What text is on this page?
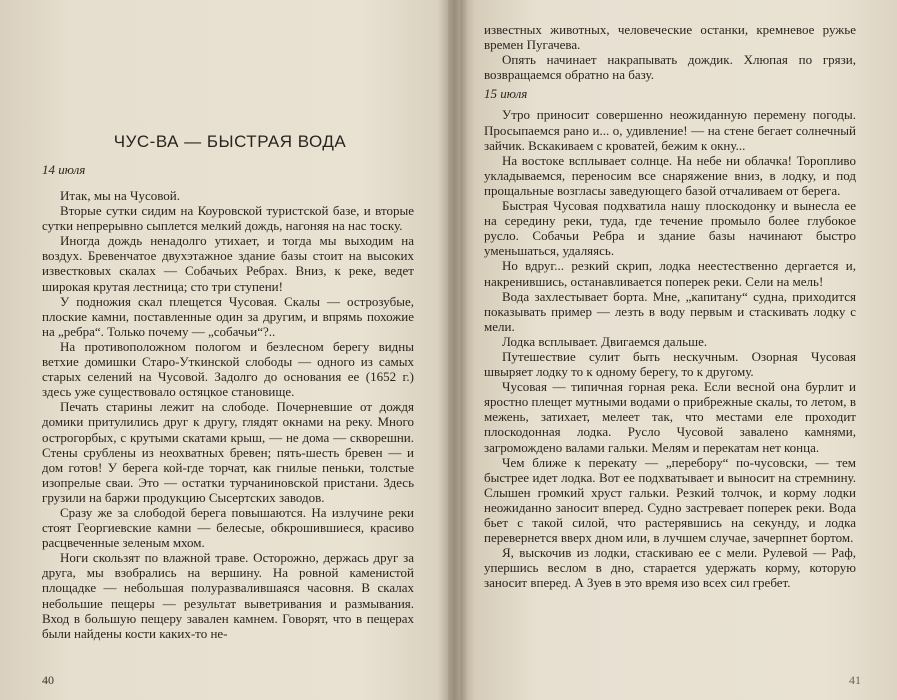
ЧУС-ВА — БЫСТРАЯ ВОДА
14 июля

Итак, мы на Чусовой.

Вторые сутки сидим на Коуровской туристской базе, и вторые сутки непрерывно сыплется мелкий дождь, нагоняя на нас тоску.

Иногда дождь ненадолго утихает, и тогда мы выходим на воздух. Бревенчатое двухэтажное здание базы стоит на высоких известковых скалах — Собачьих Ребрах. Вниз, к реке, ведет широкая крутая лестница; сто три ступени!

У подножия скал плещется Чусовая. Скалы — острозубые, плоские камни, поставленные один за другим, и впрямь похожие на „ребра“. Только почему — „собачьи“?..

На противоположном пологом и безлесном берегу видны ветхие домишки Старо-Уткинской слободы — одного из самых старых селений на Чусовой. Задолго до основания ее (1652 г.) здесь уже существовало остяцкое становище.

Печать старины лежит на слободе. Почерневшие от дождя домики притулились друг к другу, глядят окнами на реку. Много острогорбых, с крутыми скатами крыш, — не дома — скворешни. Стены срублены из неохватных бревен; пять-шесть бревен — и дом готов! У берега кой-где торчат, как гнилые пеньки, толстые изопрелые сваи. Это — остатки турчаниновской пристани. Здесь грузили на баржи продукцию Сысертских заводов.

Сразу же за слободой берега повышаются. На излучине реки стоят Георгиевские камни — белесые, обкрошившиеся, красиво расцвеченные зеленым мхом.

Ноги скользят по влажной траве. Осторожно, держась друг за друга, мы взобрались на вершину. На ровной каменистой площадке — небольшая полуразвалившаяся часовня. В скалах небольшие пещеры — результат выветривания и размывания. Вход в большую пещеру завален камнем. Говорят, что в пещерах были найдены кости каких-то не-

40

известных животных, человеческие останки, кремневое ружье времен Пугачева.

Опять начинает накрапывать дождик. Хлюпая по грязи, возвращаемся обратно на базу.

15 июля

Утро приносит совершенно неожиданную перемену погоды. Просыпаемся рано и... о, удивление! — на стене бегает солнечный зайчик. Вскакиваем с кроватей, бежим к окну...

На востоке всплывает солнце. На небе ни облачка! Торопливо укладываемся, переносим все снаряжение вниз, в лодку, и под прощальные возгласы заведующего базой отчаливаем от берега.

Быстрая Чусовая подхватила нашу плоскодонку и вынесла ее на середину реки, туда, где течение промыло более глубокое русло. Собачьи Ребра и здание базы начинают быстро уменьшаться, удаляясь.

Но вдруг... резкий скрип, лодка неестественно дергается и, накренившись, останавливается поперек реки. Сели на мель!

Вода захлестывает борта. Мне, „капитану“ судна, приходится показывать пример — лезть в воду первым и стаскивать лодку с мели.

Лодка всплывает. Двигаемся дальше.

Путешествие сулит быть нескучным. Озорная Чусовая швыряет лодку то к одному берегу, то к другому.

Чусовая — типичная горная река. Если весной она бурлит и яростно плещет мутными водами о прибрежные скалы, то летом, в межень, затихает, мелеет так, что местами еле проходит плоскодонная лодка. Русло Чусовой завалено камнями, загромождено валами гальки. Мелям и перекатам нет конца.

Чем ближе к перекату — „перебору“ по-чусовски, — тем быстрее идет лодка. Вот ее подхватывает и выносит на стремнину. Слышен громкий хруст гальки. Резкий толчок, и корму лодки неожиданно заносит вперед. Судно застревает поперек реки. Вода бьет с такой силой, что растерявшись на секунду, и лодка перевернется вверх дном или, в лучшем случае, зачерпнет бортом.

Я, выскочив из лодки, стаскиваю ее с мели. Рулевой — Раф, упершись веслом в дно, старается удержать корму, которую заносит вперед. А Зуев в это время изо всех сил гребет.

41
